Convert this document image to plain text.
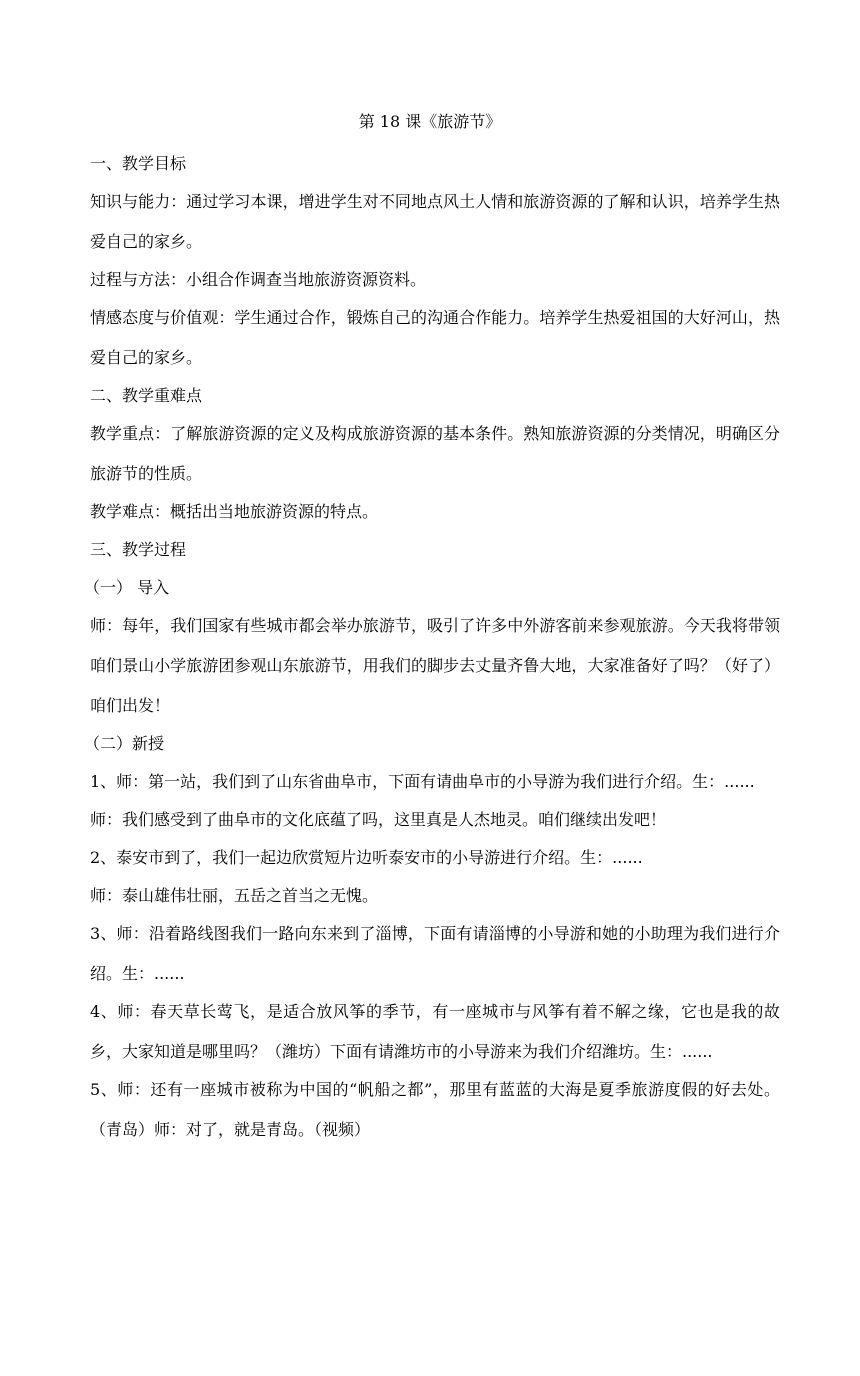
第 18 课《旅游节》

一、教学目标

知识与能力：通过学习本课，增进学生对不同地点风土人情和旅游资源的了解和认识，培养学生热爱自己的家乡。

过程与方法：小组合作调查当地旅游资源资料。

情感态度与价值观：学生通过合作，锻炼自己的沟通合作能力。培养学生热爱祖国的大好河山，热爱自己的家乡。

二、教学重难点

教学重点：了解旅游资源的定义及构成旅游资源的基本条件。熟知旅游资源的分类情况，明确区分旅游节的性质。

教学难点：概括出当地旅游资源的特点。

三、教学过程

（一） 导入

师：每年，我们国家有些城市都会举办旅游节，吸引了许多中外游客前来参观旅游。今天我将带领咱们景山小学旅游团参观山东旅游节，用我们的脚步去丈量齐鲁大地，大家准备好了吗？（好了）咱们出发！

（二）新授

1、师：第一站，我们到了山东省曲阜市，下面有请曲阜市的小导游为我们进行介绍。生：......

师：我们感受到了曲阜市的文化底蕴了吗，这里真是人杰地灵。咱们继续出发吧！

2、泰安市到了，我们一起边欣赏短片边听泰安市的小导游进行介绍。生：......

师：泰山雄伟壮丽，五岳之首当之无愧。

3、师：沿着路线图我们一路向东来到了淄博，下面有请淄博的小导游和她的小助理为我们进行介绍。生：......

4、师：春天草长莺飞，是适合放风筝的季节，有一座城市与风筝有着不解之缘，它也是我的故乡，大家知道是哪里吗？（潍坊）下面有请潍坊市的小导游来为我们介绍潍坊。生：......

5、师：还有一座城市被称为中国的“帆船之都”，那里有蓝蓝的大海是夏季旅游度假的好去处。（青岛）师：对了，就是青岛。（视频）
